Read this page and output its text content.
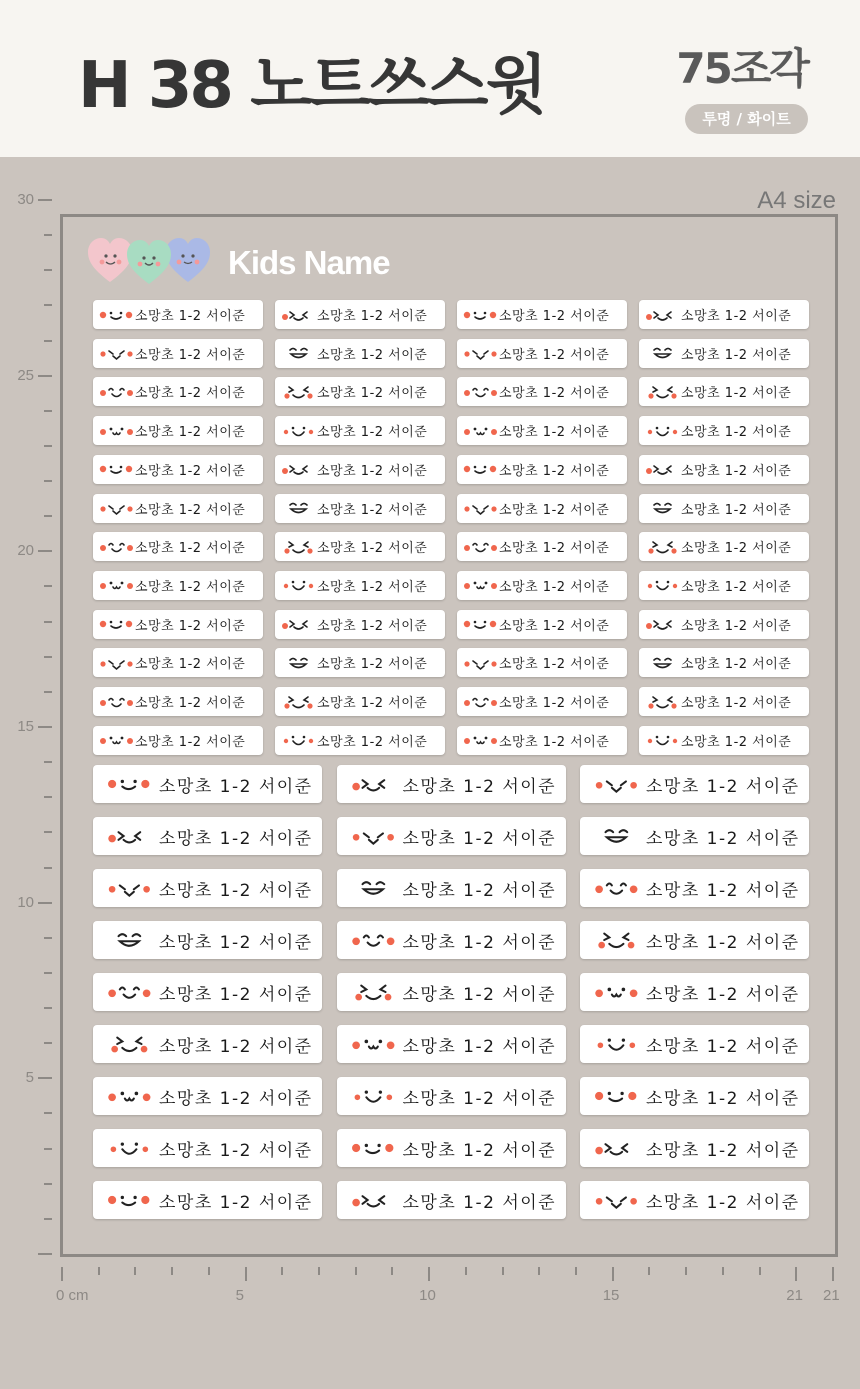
H 38 노트쓰스윗	75조각
투명 / 화이트
A4 size
30
25
20
15
10
5
0 cm	5	10	15	21 21
Kids Name
소망초 1-2 서이준	소망초 1-2 서이준	소망초 1-2 서이준	소망초 1-2 서이준
소망초 1-2 서이준	소망초 1-2 서이준	소망초 1-2 서이준	소망초 1-2 서이준
소망초 1-2 서이준	소망초 1-2 서이준	소망초 1-2 서이준	소망초 1-2 서이준
소망초 1-2 서이준	소망초 1-2 서이준	소망초 1-2 서이준	소망초 1-2 서이준
소망초 1-2 서이준	소망초 1-2 서이준	소망초 1-2 서이준	소망초 1-2 서이준
소망초 1-2 서이준	소망초 1-2 서이준	소망초 1-2 서이준	소망초 1-2 서이준
소망초 1-2 서이준	소망초 1-2 서이준	소망초 1-2 서이준	소망초 1-2 서이준
소망초 1-2 서이준	소망초 1-2 서이준	소망초 1-2 서이준	소망초 1-2 서이준
소망초 1-2 서이준	소망초 1-2 서이준	소망초 1-2 서이준	소망초 1-2 서이준
소망초 1-2 서이준	소망초 1-2 서이준	소망초 1-2 서이준	소망초 1-2 서이준
소망초 1-2 서이준	소망초 1-2 서이준	소망초 1-2 서이준	소망초 1-2 서이준
소망초 1-2 서이준	소망초 1-2 서이준	소망초 1-2 서이준	소망초 1-2 서이준
소망초 1-2 서이준	소망초 1-2 서이준	소망초 1-2 서이준
소망초 1-2 서이준	소망초 1-2 서이준	소망초 1-2 서이준
소망초 1-2 서이준	소망초 1-2 서이준	소망초 1-2 서이준
소망초 1-2 서이준	소망초 1-2 서이준	소망초 1-2 서이준
소망초 1-2 서이준	소망초 1-2 서이준	소망초 1-2 서이준
소망초 1-2 서이준	소망초 1-2 서이준	소망초 1-2 서이준
소망초 1-2 서이준	소망초 1-2 서이준	소망초 1-2 서이준
소망초 1-2 서이준	소망초 1-2 서이준	소망초 1-2 서이준
소망초 1-2 서이준	소망초 1-2 서이준	소망초 1-2 서이준
